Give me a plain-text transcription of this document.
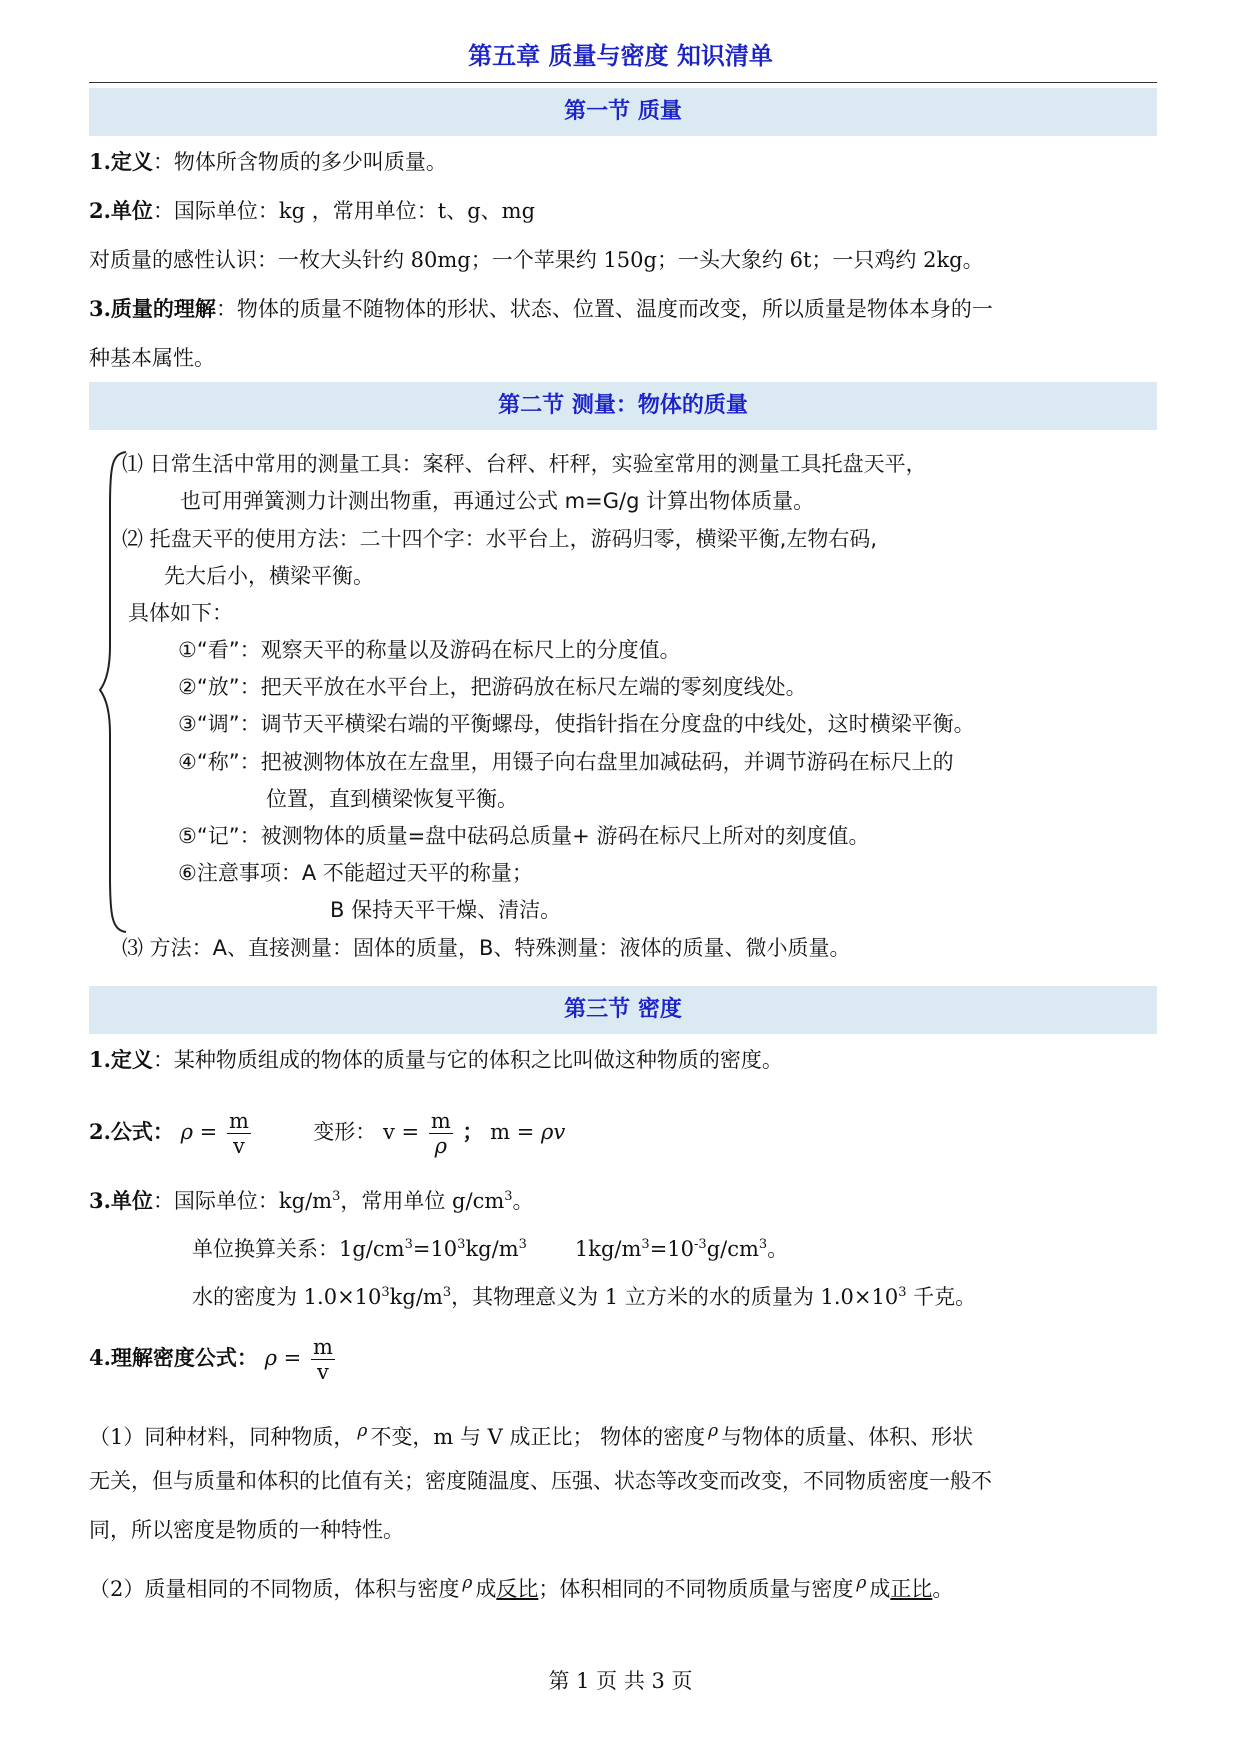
第五章 质量与密度 知识清单
第一节 质量
1.定义：物体所含物质的多少叫质量。
2.单位：国际单位：kg ，常用单位：t、g、mg
对质量的感性认识：一枚大头针约 80mg；一个苹果约 150g；一头大象约 6t；一只鸡约 2kg。
3.质量的理解：物体的质量不随物体的形状、状态、位置、温度而改变，所以质量是物体本身的一
种基本属性。
第二节 测量：物体的质量
⑴ 日常生活中常用的测量工具：案秤、台秤、杆秤，实验室常用的测量工具托盘天平，
也可用弹簧测力计测出物重，再通过公式 m=G/g 计算出物体质量。
⑵ 托盘天平的使用方法：二十四个字：水平台上，游码归零，横梁平衡,左物右码,
先大后小，横梁平衡。
具体如下：
①“看”：观察天平的称量以及游码在标尺上的分度值。
②“放”：把天平放在水平台上，把游码放在标尺左端的零刻度线处。
③“调”：调节天平横梁右端的平衡螺母，使指针指在分度盘的中线处，这时横梁平衡。
④“称”：把被测物体放在左盘里，用镊子向右盘里加减砝码，并调节游码在标尺上的
位置，直到横梁恢复平衡。
⑤“记”：被测物体的质量=盘中砝码总质量+ 游码在标尺上所对的刻度值。
⑥注意事项：A 不能超过天平的称量；
B 保持天平干燥、清洁。
⑶ 方法：A、直接测量：固体的质量，B、特殊测量：液体的质量、微小质量。
第三节 密度
1.定义：某种物质组成的物体的质量与它的体积之比叫做这种物质的密度。
2.公式： $\rho = \frac{m}{v}$	变形： $v = \frac{m}{\rho}$ ； m = ρv
3.单位：国际单位：$kg/m^3$，常用单位 $g/cm^3$。
单位换算关系：$1g/cm^3=10^3kg/m^3$ $1kg/m^3=10^{-3}g/cm^3$。
水的密度为 $1.0\times 10^3kg/m^3$，其物理意义为 1 立方米的水的质量为 $1.0\times 10^3$ 千克。
4.理解密度公式： $\rho = \frac{m}{v}$
（1）同种材料，同种物质， $^\rho$ 不变，m 与 V 成正比； 物体的密度 $^\rho$ 与物体的质量、体积、形状
无关，但与质量和体积的比值有关；密度随温度、压强、状态等改变而改变，不同物质密度一般不
同，所以密度是物质的一种特性。
（2）质量相同的不同物质，体积与密度 $^\rho$ 成反比；体积相同的不同物质质量与密度 $^\rho$ 成正比。
第 1 页 共 3 页
